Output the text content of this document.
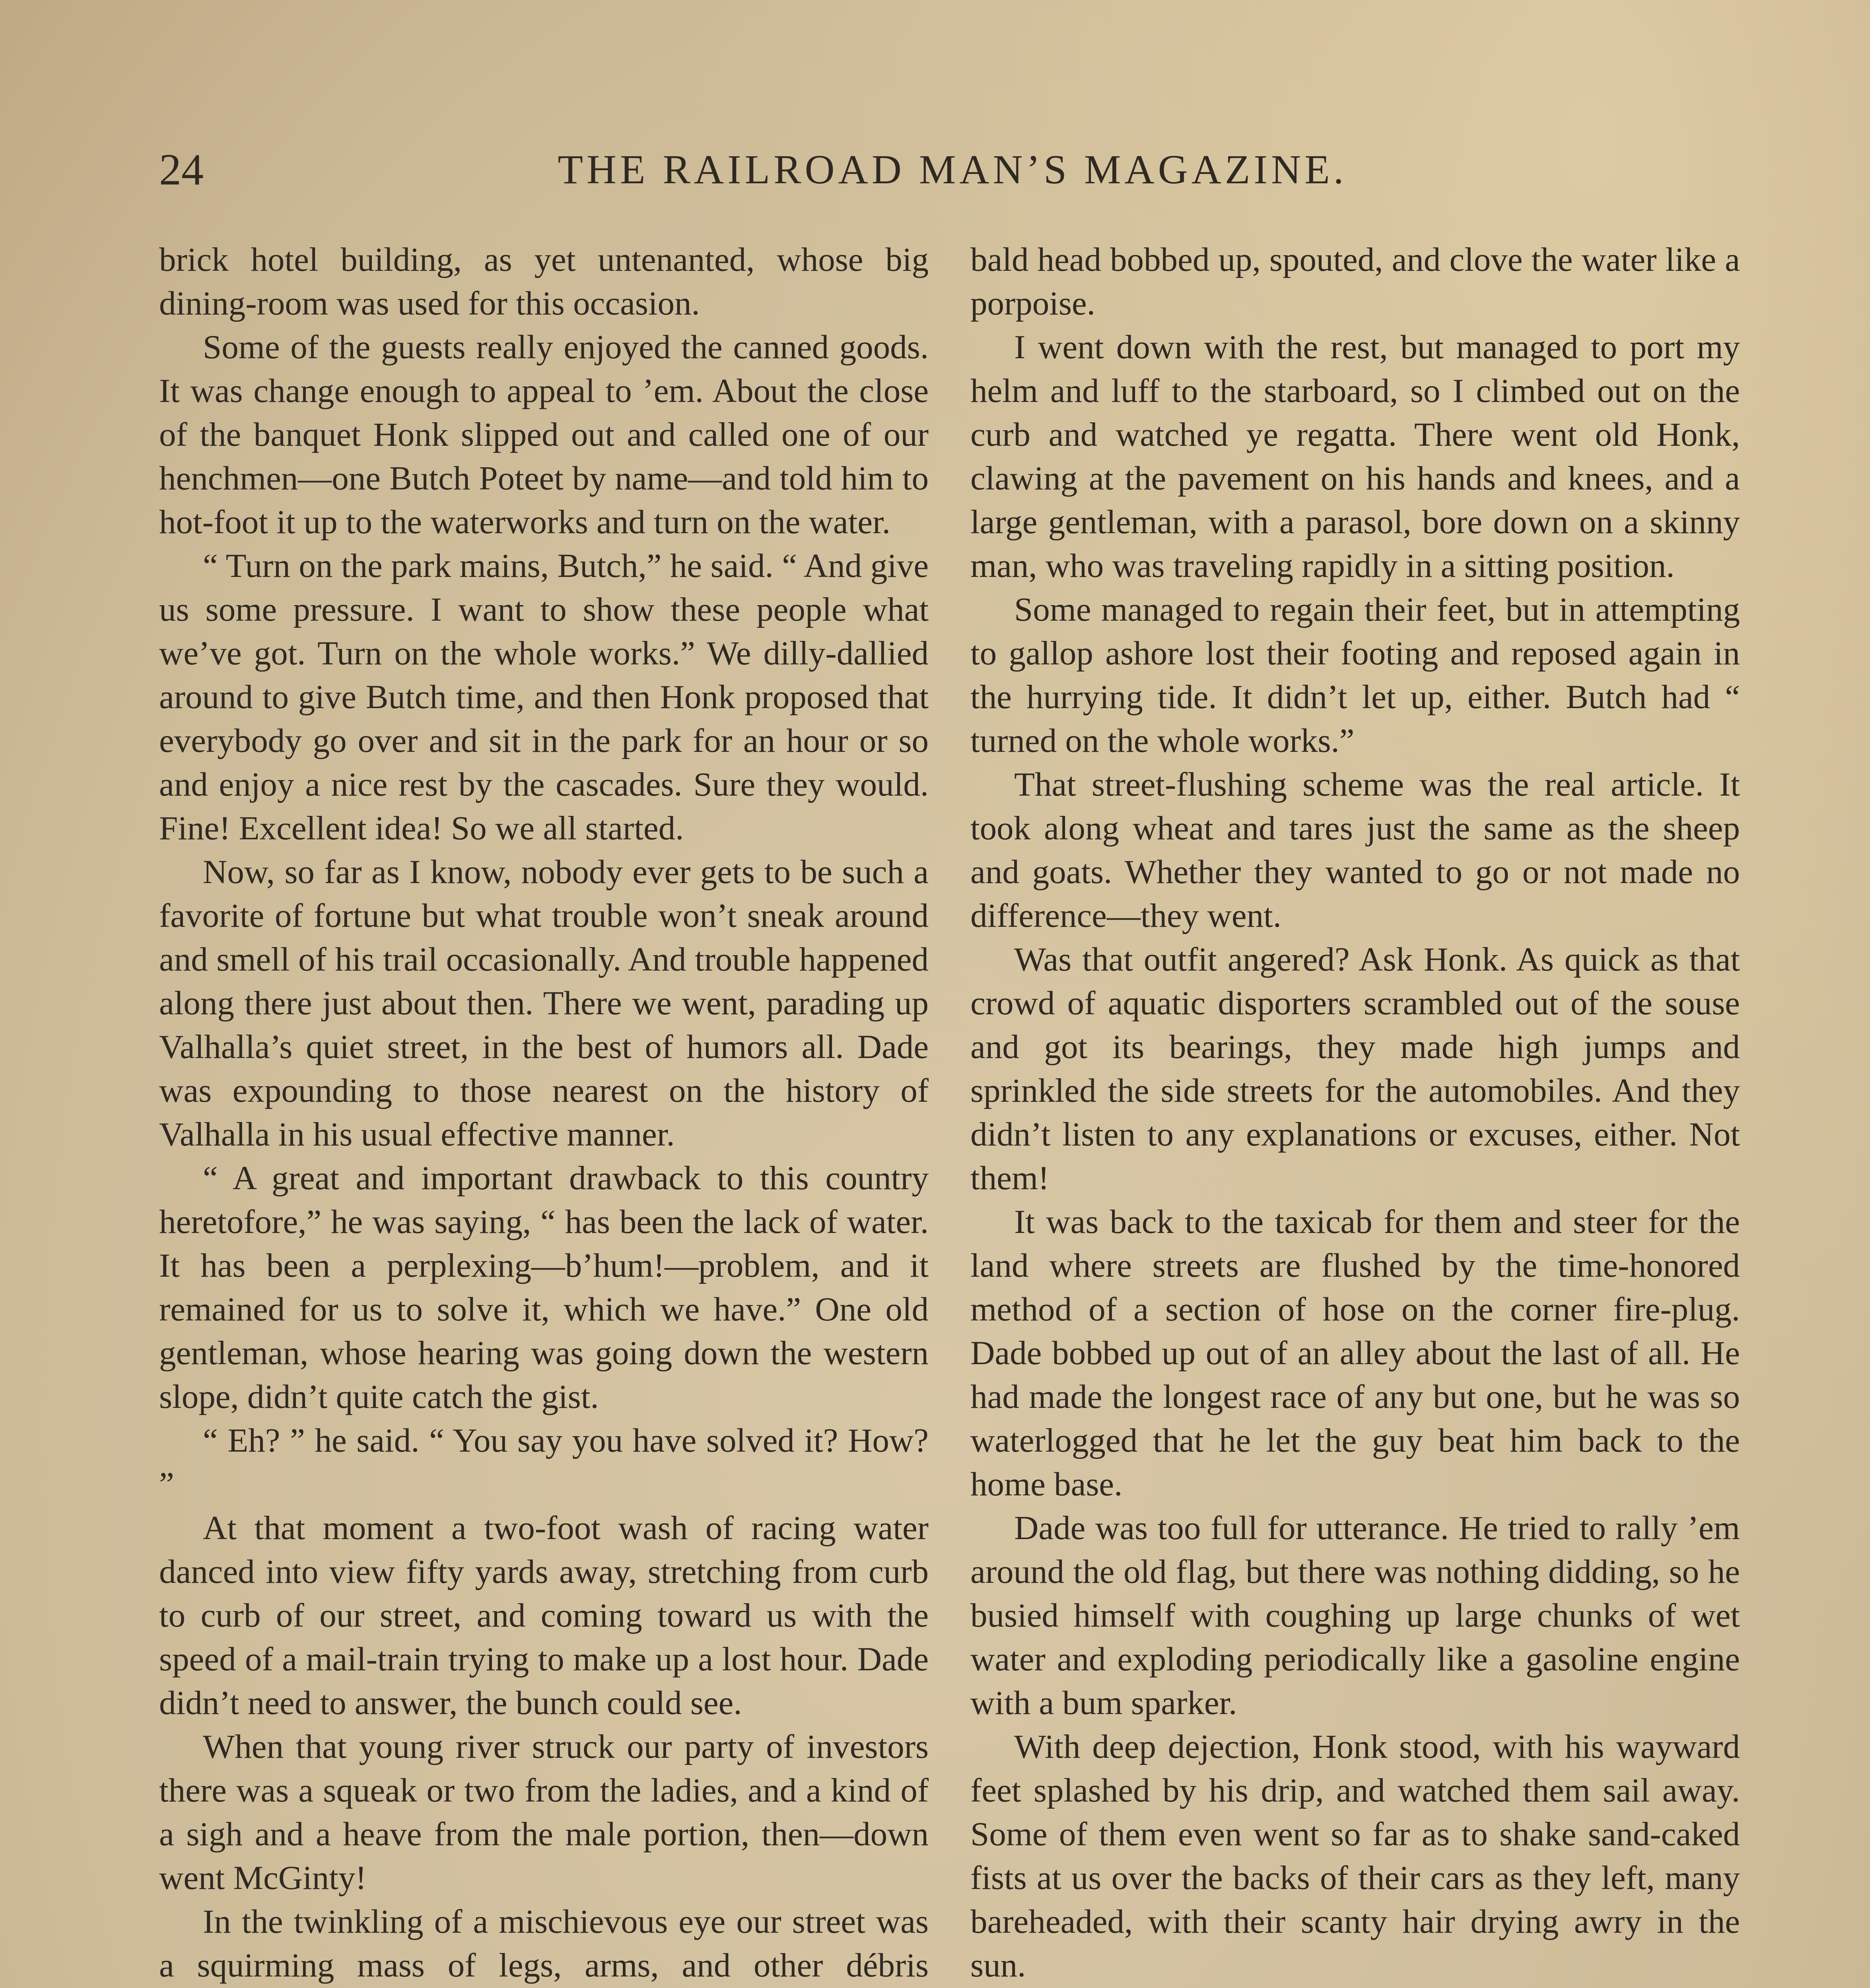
24	THE RAILROAD MAN’S MAGAZINE.

brick hotel building, as yet untenanted, whose big dining-room was used for this occasion.

Some of the guests really enjoyed the canned goods. It was change enough to appeal to ’em. About the close of the banquet Honk slipped out and called one of our henchmen—one Butch Poteet by name—and told him to hot-foot it up to the waterworks and turn on the water.

“ Turn on the park mains, Butch,” he said. “ And give us some pressure. I want to show these people what we’ve got. Turn on the whole works.” We dilly-dallied around to give Butch time, and then Honk proposed that everybody go over and sit in the park for an hour or so and enjoy a nice rest by the cascades. Sure they would. Fine! Excellent idea! So we all started.

Now, so far as I know, nobody ever gets to be such a favorite of fortune but what trouble won’t sneak around and smell of his trail occasionally. And trouble happened along there just about then. There we went, parading up Valhalla’s quiet street, in the best of humors all. Dade was expounding to those nearest on the history of Valhalla in his usual effective manner.

“ A great and important drawback to this country heretofore,” he was saying, “ has been the lack of water. It has been a perplexing—b’hum!—problem, and it remained for us to solve it, which we have.” One old gentleman, whose hearing was going down the western slope, didn’t quite catch the gist.

“ Eh? ” he said. “ You say you have solved it? How? ”

At that moment a two-foot wash of racing water danced into view fifty yards away, stretching from curb to curb of our street, and coming toward us with the speed of a mail-train trying to make up a lost hour. Dade didn’t need to answer, the bunch could see.

When that young river struck our party of investors there was a squeak or two from the ladies, and a kind of a sigh and a heave from the male portion, then—down went McGinty!

In the twinkling of a mischievous eye our street was a squirming mass of legs, arms, and other débris

bald head bobbed up, spouted, and clove the water like a porpoise.

I went down with the rest, but managed to port my helm and luff to the starboard, so I climbed out on the curb and watched ye regatta. There went old Honk, clawing at the pavement on his hands and knees, and a large gentleman, with a parasol, bore down on a skinny man, who was traveling rapidly in a sitting position.

Some managed to regain their feet, but in attempting to gallop ashore lost their footing and reposed again in the hurrying tide. It didn’t let up, either. Butch had “ turned on the whole works.”

That street-flushing scheme was the real article. It took along wheat and tares just the same as the sheep and goats. Whether they wanted to go or not made no difference—they went.

Was that outfit angered? Ask Honk. As quick as that crowd of aquatic disporters scrambled out of the souse and got its bearings, they made high jumps and sprinkled the side streets for the automobiles. And they didn’t listen to any explanations or excuses, either. Not them!

It was back to the taxicab for them and steer for the land where streets are flushed by the time-honored method of a section of hose on the corner fire-plug. Dade bobbed up out of an alley about the last of all. He had made the longest race of any but one, but he was so waterlogged that he let the guy beat him back to the home base.

Dade was too full for utterance. He tried to rally ’em around the old flag, but there was nothing didding, so he busied himself with coughing up large chunks of wet water and exploding periodically like a gasoline engine with a bum sparker.

With deep dejection, Honk stood, with his wayward feet splashed by his drip, and watched them sail away. Some of them even went so far as to shake sand-caked fists at us over the backs of their cars as they left, many bareheaded, with their scanty hair drying awry in the sun.
